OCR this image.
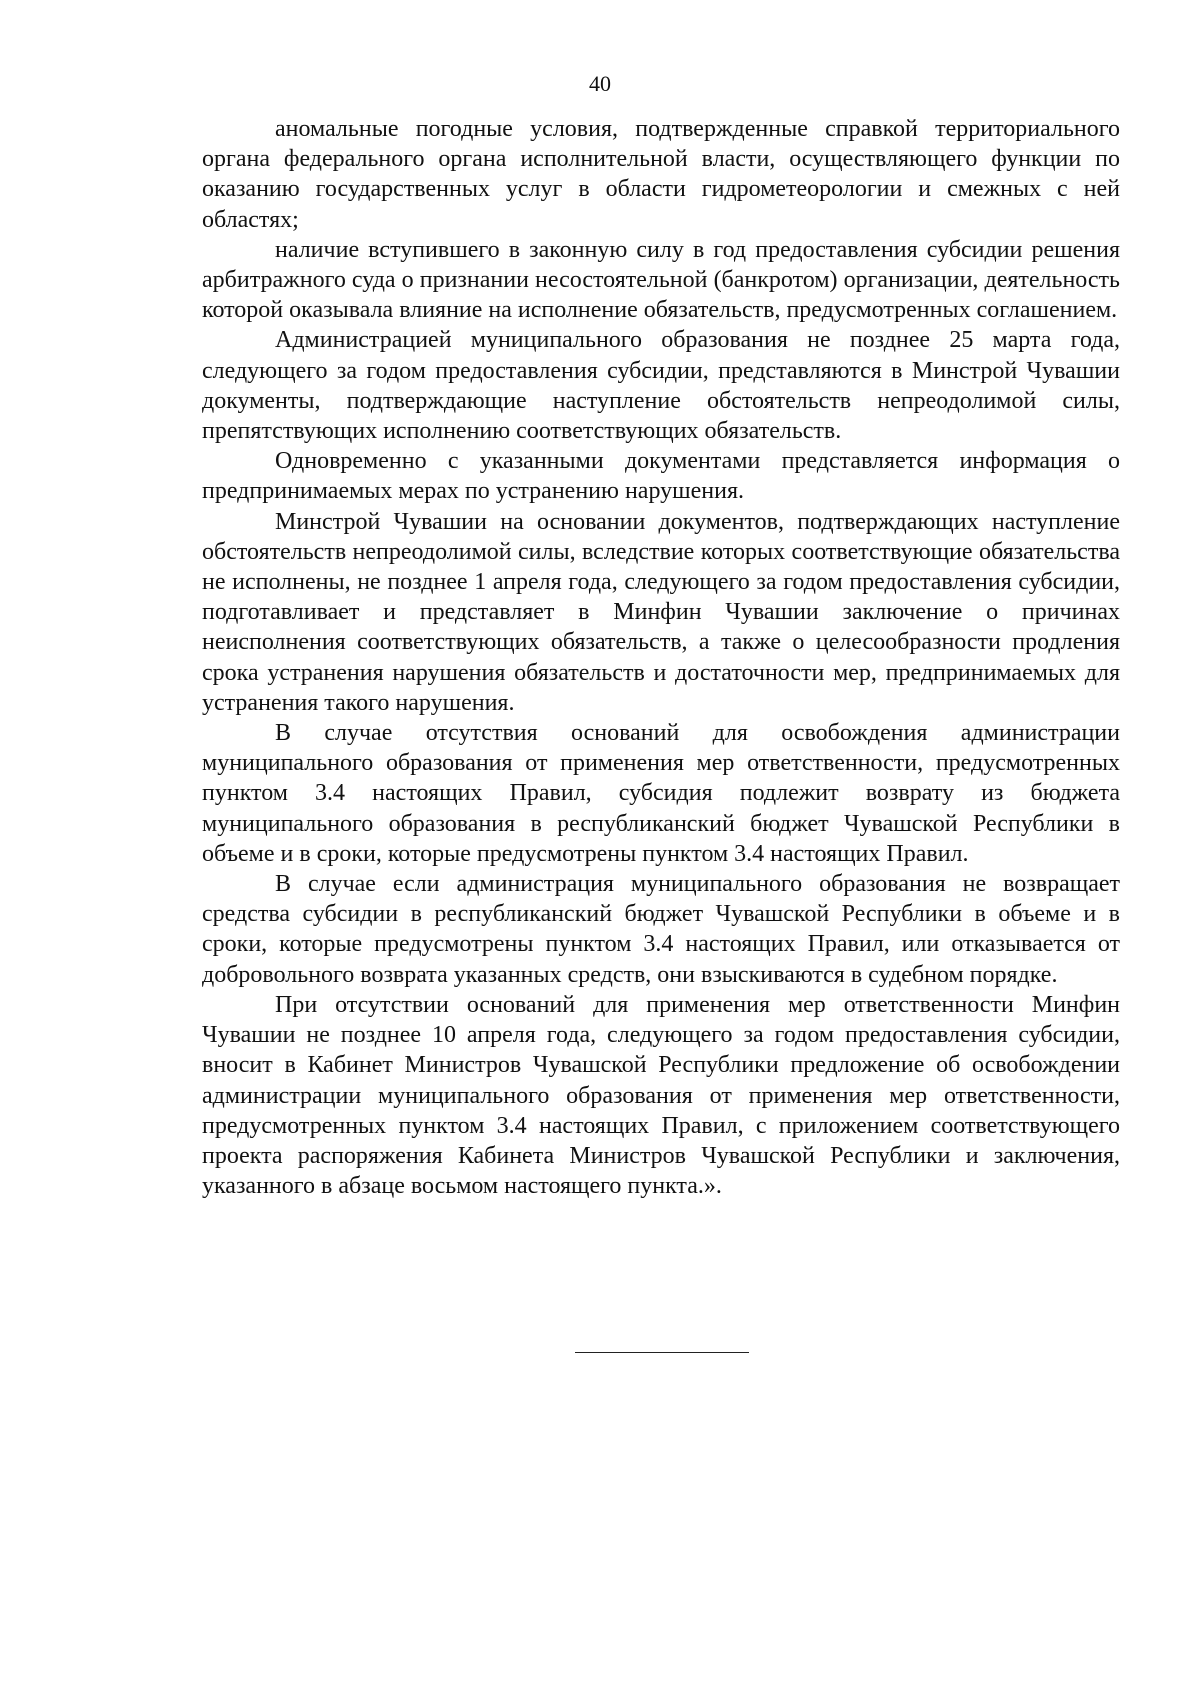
40

аномальные погодные условия, подтвержденные справкой территориального органа федерального органа исполнительной власти, осуществляющего функции по оказанию государственных услуг в области гидрометеорологии и смежных с ней областях;

наличие вступившего в законную силу в год предоставления субсидии решения арбитражного суда о признании несостоятельной (банкротом) организации, деятельность которой оказывала влияние на исполнение обязательств, предусмотренных соглашением.

Администрацией муниципального образования не позднее 25 марта года, следующего за годом предоставления субсидии, представляются в Минстрой Чувашии документы, подтверждающие наступление обстоятельств непреодолимой силы, препятствующих исполнению соответствующих обязательств.

Одновременно с указанными документами представляется информация о предпринимаемых мерах по устранению нарушения.

Минстрой Чувашии на основании документов, подтверждающих наступление обстоятельств непреодолимой силы, вследствие которых соответствующие обязательства не исполнены, не позднее 1 апреля года, следующего за годом предоставления субсидии, подготавливает и представляет в Минфин Чувашии заключение о причинах неисполнения соответствующих обязательств, а также о целесообразности продления срока устранения нарушения обязательств и достаточности мер, предпринимаемых для устранения такого нарушения.

В случае отсутствия оснований для освобождения администрации муниципального образования от применения мер ответственности, предусмотренных пунктом 3.4 настоящих Правил, субсидия подлежит возврату из бюджета муниципального образования в республиканский бюджет Чувашской Республики в объеме и в сроки, которые предусмотрены пунктом 3.4 настоящих Правил.

В случае если администрация муниципального образования не возвращает средства субсидии в республиканский бюджет Чувашской Республики в объеме и в сроки, которые предусмотрены пунктом 3.4 настоящих Правил, или отказывается от добровольного возврата указанных средств, они взыскиваются в судебном порядке.

При отсутствии оснований для применения мер ответственности Минфин Чувашии не позднее 10 апреля года, следующего за годом предоставления субсидии, вносит в Кабинет Министров Чувашской Республики предложение об освобождении администрации муниципального образования от применения мер ответственности, предусмотренных пунктом 3.4 настоящих Правил, с приложением соответствующего проекта распоряжения Кабинета Министров Чувашской Республики и заключения, указанного в абзаце восьмом настоящего пункта.».
